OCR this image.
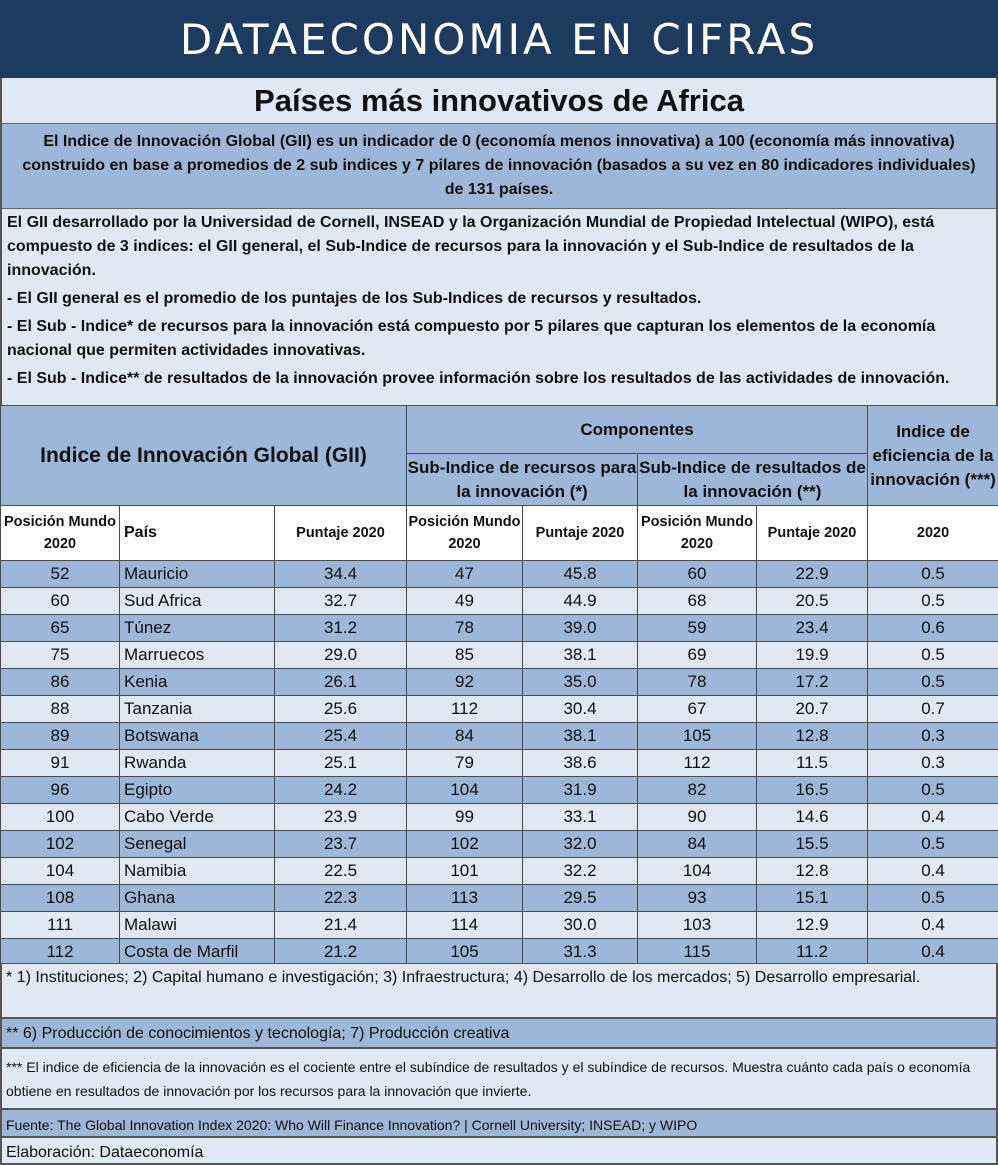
DATAECONOMIA EN CIFRAS
Países más innovativos de Africa
El Indice de Innovación Global (GII) es un indicador de 0 (economía menos innovativa) a 100 (economía más innovativa) construido en base a promedios de 2 sub indices y 7 pilares de innovación (basados a su vez en 80 indicadores individuales) de 131 países.

El GII desarrollado por la Universidad de Cornell, INSEAD y la Organización Mundial de Propiedad Intelectual (WIPO), está compuesto de 3 indices: el GII general, el Sub-Indice de recursos para la innovación y el Sub-Indice de resultados de la innovación.

- El GII general es el promedio de los puntajes de los Sub-Indices de recursos y resultados.

- El Sub - Indice* de recursos para la innovación está compuesto por 5 pilares que capturan los elementos de la economía nacional que permiten actividades innovativas.

- El Sub - Indice** de resultados de la innovación provee información sobre los resultados de las actividades de innovación.

Indice de Innovación Global (GII)			Componentes				Indice de eficiencia de la innovación (***)
			Sub-Indice de recursos para la innovación (*)		Sub-Indice de resultados de la innovación (**)		
Posición Mundo 2020	País	Puntaje 2020	Posición Mundo 2020	Puntaje 2020	Posición Mundo 2020	Puntaje 2020	2020
52	Mauricio	34.4	47	45.8	60	22.9	0.5
60	Sud Africa	32.7	49	44.9	68	20.5	0.5
65	Túnez	31.2	78	39.0	59	23.4	0.6
75	Marruecos	29.0	85	38.1	69	19.9	0.5
86	Kenia	26.1	92	35.0	78	17.2	0.5
88	Tanzania	25.6	112	30.4	67	20.7	0.7
89	Botswana	25.4	84	38.1	105	12.8	0.3
91	Rwanda	25.1	79	38.6	112	11.5	0.3
96	Egipto	24.2	104	31.9	82	16.5	0.5
100	Cabo Verde	23.9	99	33.1	90	14.6	0.4
102	Senegal	23.7	102	32.0	84	15.5	0.5
104	Namibia	22.5	101	32.2	104	12.8	0.4
108	Ghana	22.3	113	29.5	93	15.1	0.5
111	Malawi	21.4	114	30.0	103	12.9	0.4
112	Costa de Marfil	21.2	105	31.3	115	11.2	0.4
* 1) Instituciones; 2) Capital humano e investigación; 3) Infraestructura; 4) Desarrollo de los mercados; 5) Desarrollo empresarial.
** 6) Producción de conocimientos y tecnología; 7) Producción creativa
*** El indice de eficiencia de la innovación es el cociente entre el subíndice de resultados y el subíndice de recursos. Muestra cuánto cada país o economía obtiene en resultados de innovación por los recursos para la innovación que invierte.
Fuente: The Global Innovation Index 2020: Who Will Finance Innovation? | Cornell University; INSEAD; y WIPO
Elaboración: Dataeconomía
